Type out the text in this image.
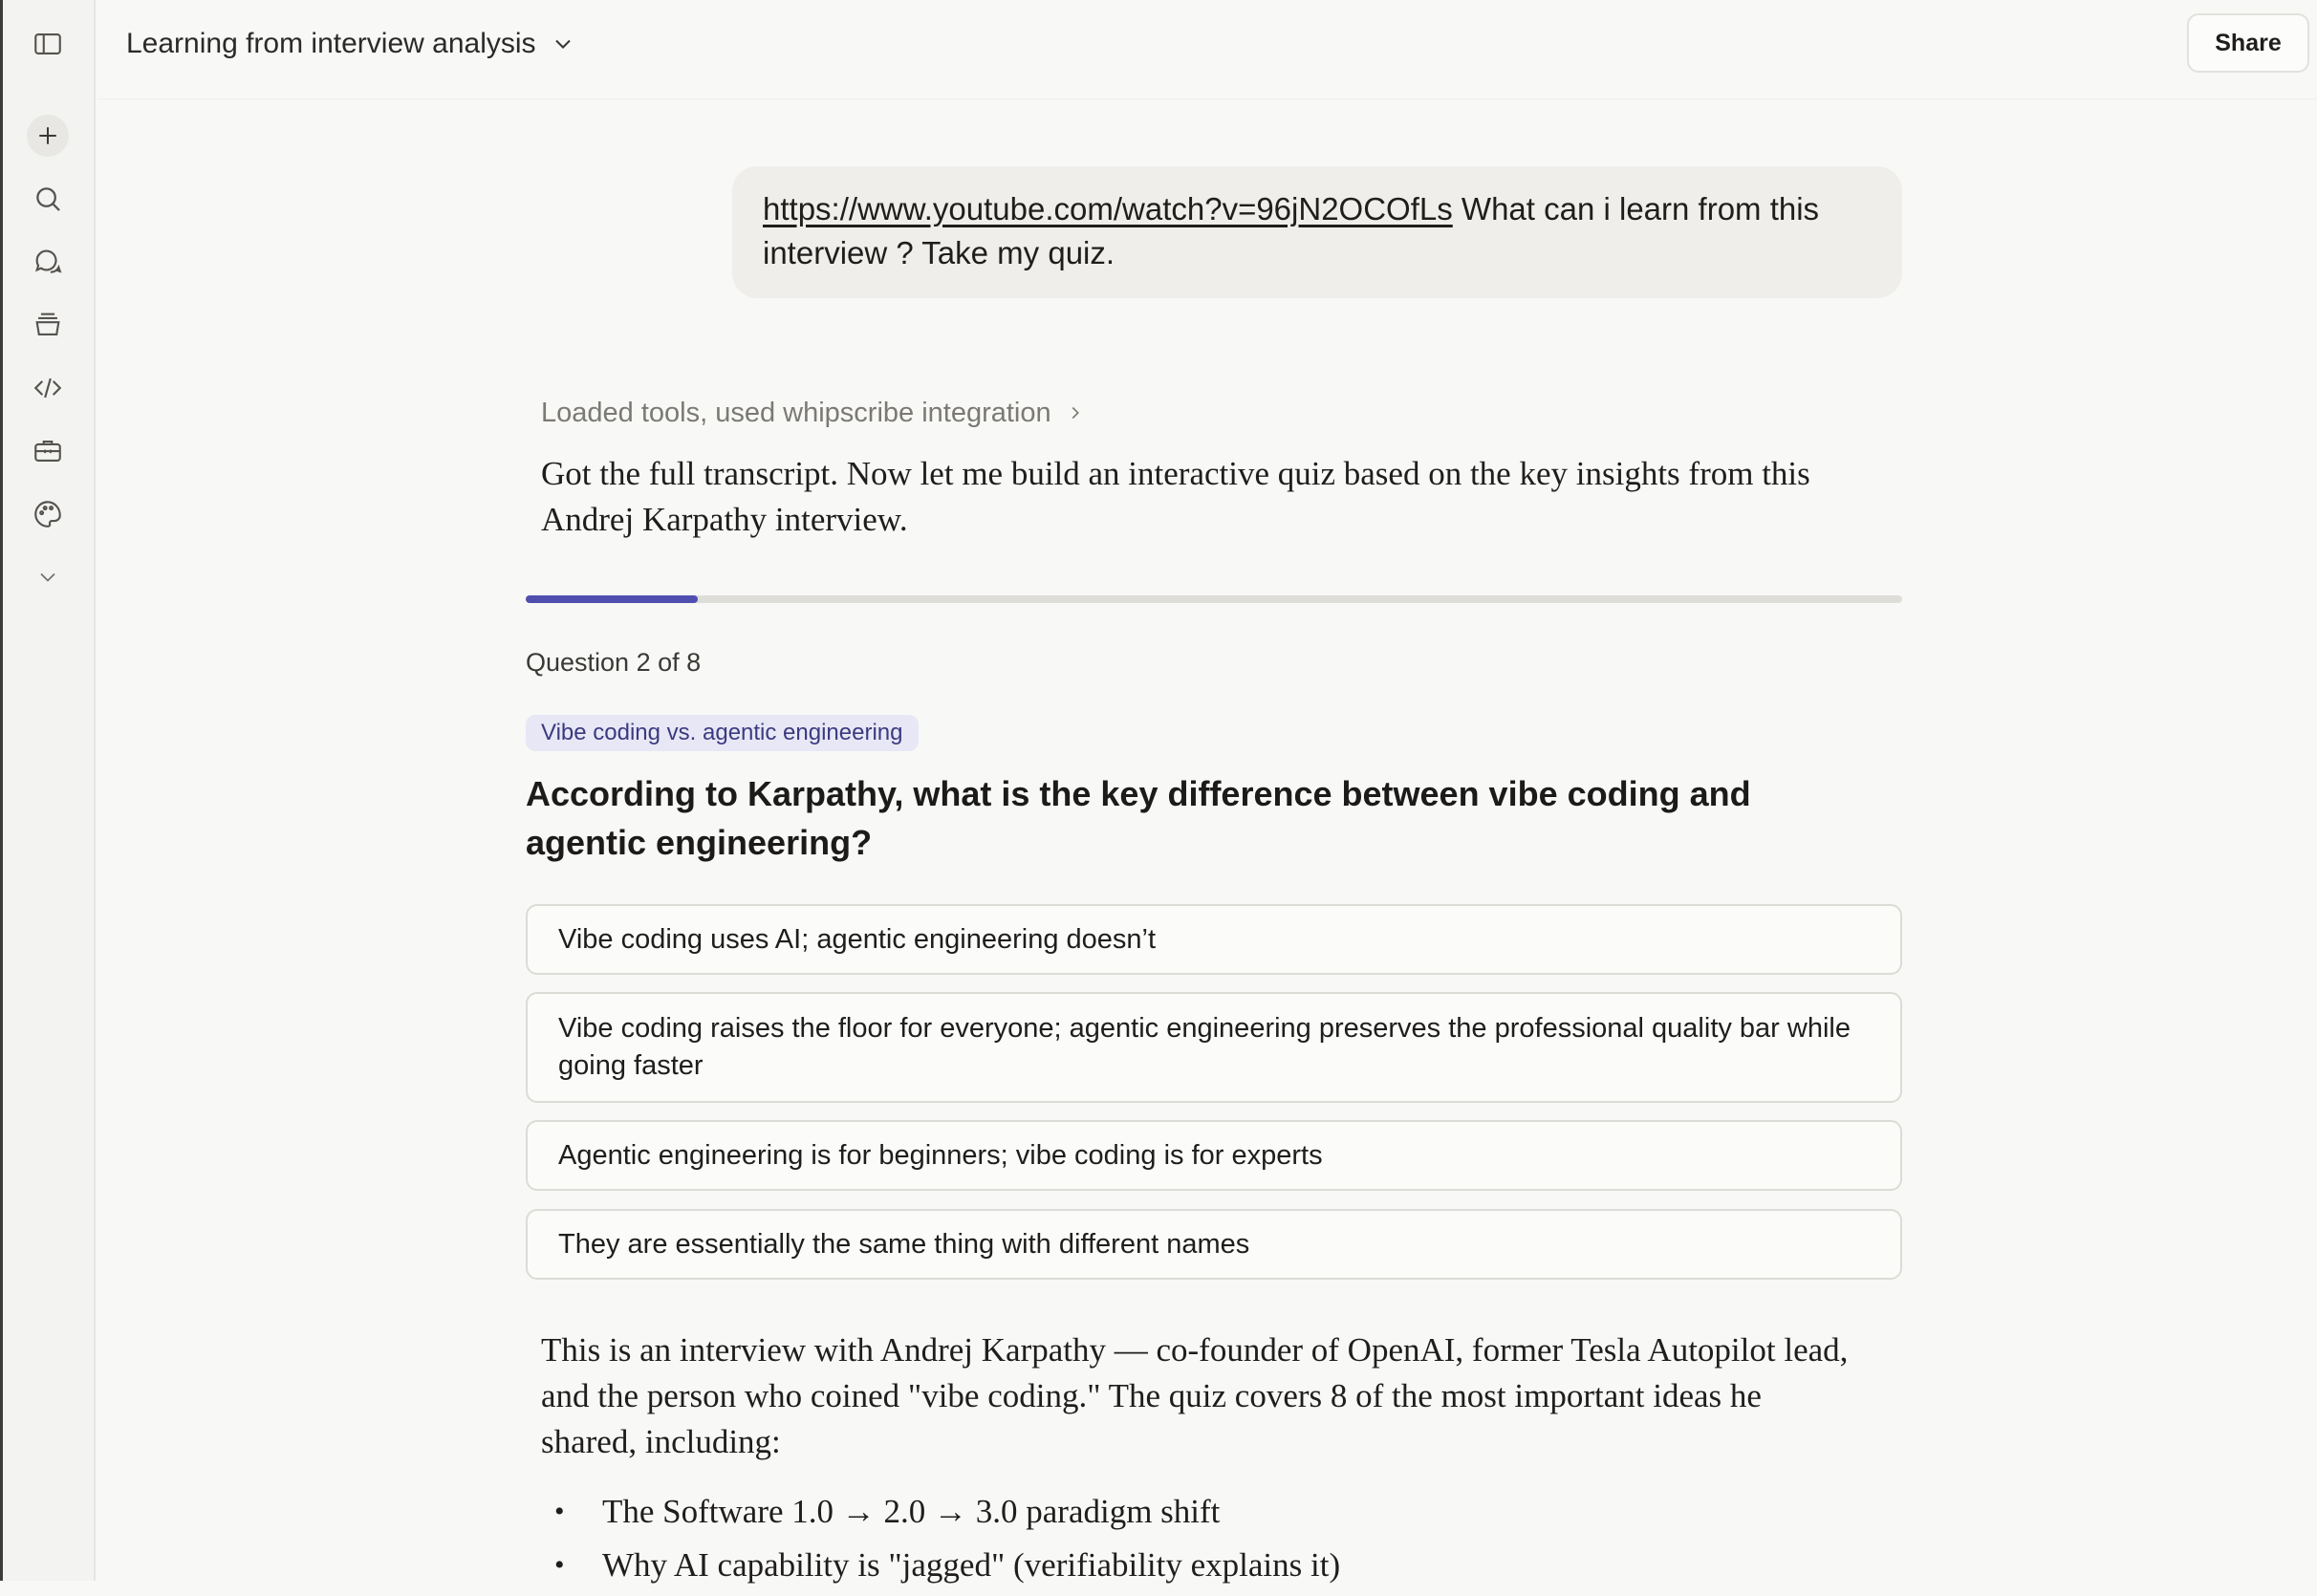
Learning from interview analysis	Share
https://www.youtube.com/watch?v=96jN2OCOfLs What can i learn from this interview ? Take my quiz.
Loaded tools, used whipscribe integration

Got the full transcript. Now let me build an interactive quiz based on the key insights from this Andrej Karpathy interview.

Question 2 of 8
Vibe coding vs. agentic engineering
According to Karpathy, what is the key difference between vibe coding and agentic engineering?
Vibe coding uses AI; agentic engineering doesn’t
Vibe coding raises the floor for everyone; agentic engineering preserves the professional quality bar while going faster
Agentic engineering is for beginners; vibe coding is for experts
They are essentially the same thing with different names

This is an interview with Andrej Karpathy — co-founder of OpenAI, former Tesla Autopilot lead, and the person who coined "vibe coding." The quiz covers 8 of the most important ideas he shared, including:

•	The Software 1.0 → 2.0 → 3.0 paradigm shift
•	Why AI capability is "jagged" (verifiability explains it)
